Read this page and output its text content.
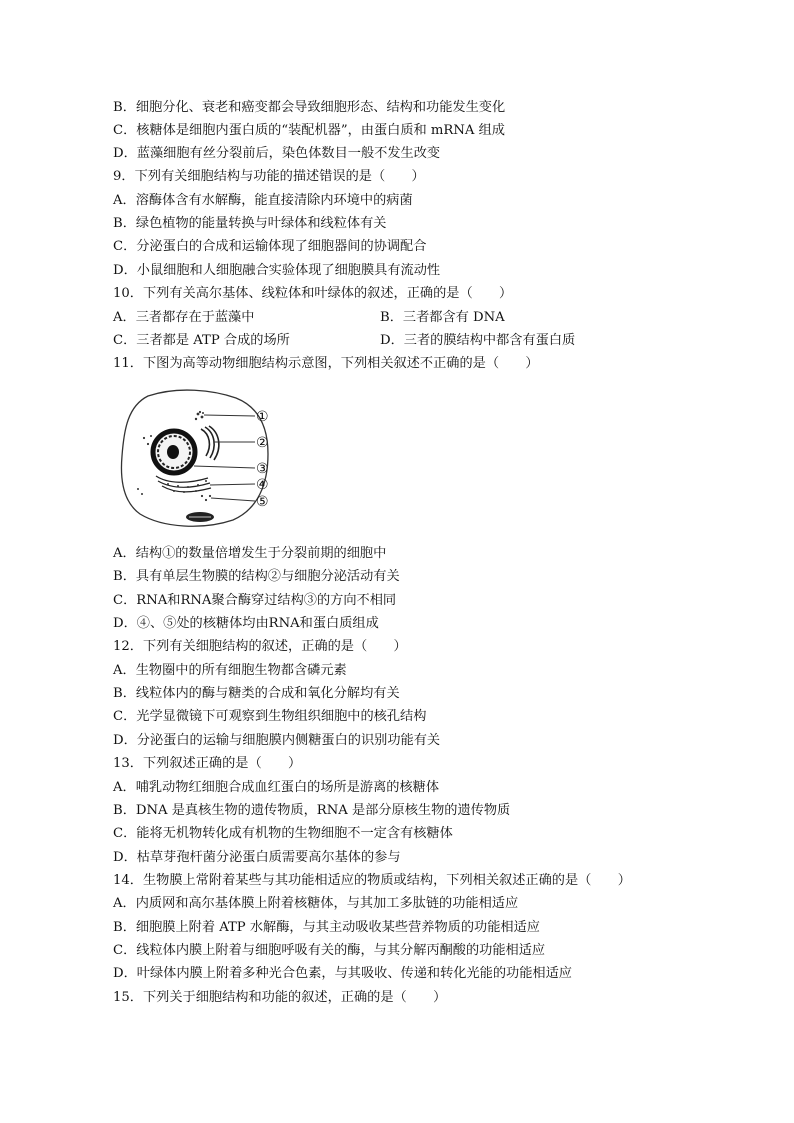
B．细胞分化、衰老和癌变都会导致细胞形态、结构和功能发生变化
C．核糖体是细胞内蛋白质的“装配机器”，由蛋白质和 mRNA 组成
D．蓝藻细胞有丝分裂前后，染色体数目一般不发生改变
9．下列有关细胞结构与功能的描述错误的是（　　）
A．溶酶体含有水解酶，能直接清除内环境中的病菌
B．绿色植物的能量转换与叶绿体和线粒体有关
C．分泌蛋白的合成和运输体现了细胞器间的协调配合
D．小鼠细胞和人细胞融合实验体现了细胞膜具有流动性
10．下列有关高尔基体、线粒体和叶绿体的叙述，正确的是（　　）
A．三者都存在于蓝藻中	B．三者都含有 DNA
C．三者都是 ATP 合成的场所	D．三者的膜结构中都含有蛋白质
11．下图为高等动物细胞结构示意图，下列相关叙述不正确的是（　　）
①
②
③
④
⑤
A．结构①的数量倍增发生于分裂前期的细胞中
B．具有单层生物膜的结构②与细胞分泌活动有关
C．RNA和RNA聚合酶穿过结构③的方向不相同
D．④、⑤处的核糖体均由RNA和蛋白质组成
12．下列有关细胞结构的叙述，正确的是（　　）
A．生物圈中的所有细胞生物都含磷元素
B．线粒体内的酶与糖类的合成和氧化分解均有关
C．光学显微镜下可观察到生物组织细胞中的核孔结构
D．分泌蛋白的运输与细胞膜内侧糖蛋白的识别功能有关
13．下列叙述正确的是（　　）
A．哺乳动物红细胞合成血红蛋白的场所是游离的核糖体
B．DNA 是真核生物的遗传物质，RNA 是部分原核生物的遗传物质
C．能将无机物转化成有机物的生物细胞不一定含有核糖体
D．枯草芽孢杆菌分泌蛋白质需要高尔基体的参与
14．生物膜上常附着某些与其功能相适应的物质或结构，下列相关叙述正确的是（　　）
A．内质网和高尔基体膜上附着核糖体，与其加工多肽链的功能相适应
B．细胞膜上附着 ATP 水解酶，与其主动吸收某些营养物质的功能相适应
C．线粒体内膜上附着与细胞呼吸有关的酶，与其分解丙酮酸的功能相适应
D．叶绿体内膜上附着多种光合色素，与其吸收、传递和转化光能的功能相适应
15．下列关于细胞结构和功能的叙述，正确的是（　　）
